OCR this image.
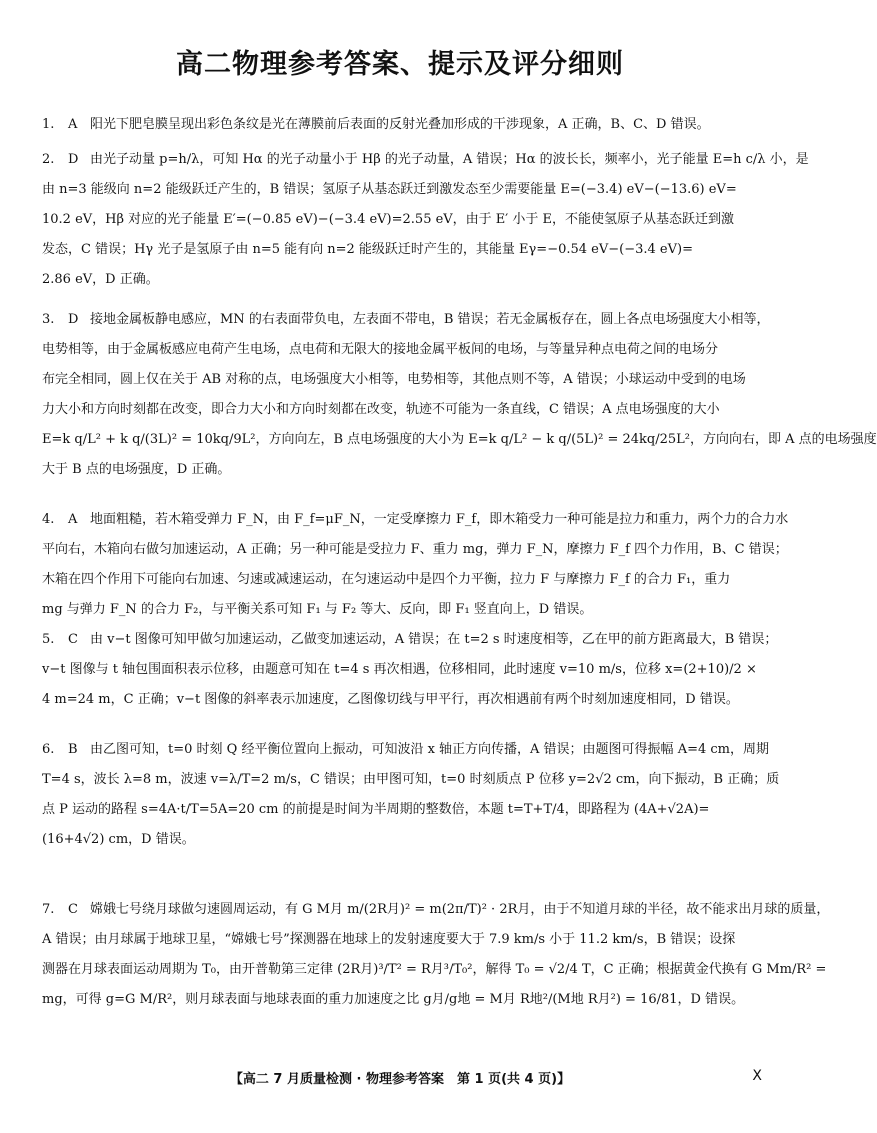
高二物理参考答案、提示及评分细则
1. A 阳光下肥皂膜呈现出彩色条纹是光在薄膜前后表面的反射光叠加形成的干涉现象，A 正确，B、C、D 错误。
2. D 由光子动量 p=h/λ，可知 Hα 的光子动量小于 Hβ 的光子动量，A 错误；Hα 的波长长，频率小，光子能量 E=h c/λ 小，是
由 n=3 能级向 n=2 能级跃迁产生的，B 错误；氢原子从基态跃迁到激发态至少需要能量 E=(−3.4) eV−(−13.6) eV=
10.2 eV，Hβ 对应的光子能量 E′=(−0.85 eV)−(−3.4 eV)=2.55 eV，由于 E′ 小于 E，不能使氢原子从基态跃迁到激
发态，C 错误；Hγ 光子是氢原子由 n=5 能有向 n=2 能级跃迁时产生的，其能量 Eγ=−0.54 eV−(−3.4 eV)=
2.86 eV，D 正确。
3. D 接地金属板静电感应，MN 的右表面带负电，左表面不带电，B 错误；若无金属板存在，圆上各点电场强度大小相等，
电势相等，由于金属板感应电荷产生电场，点电荷和无限大的接地金属平板间的电场，与等量异种点电荷之间的电场分
布完全相同，圆上仅在关于 AB 对称的点，电场强度大小相等，电势相等，其他点则不等，A 错误；小球运动中受到的电场
力大小和方向时刻都在改变，即合力大小和方向时刻都在改变，轨迹不可能为一条直线，C 错误；A 点电场强度的大小
E=k q/L² + k q/(3L)² = 10kq/9L²，方向向左，B 点电场强度的大小为 E=k q/L² − k q/(5L)² = 24kq/25L²，方向向右，即 A 点的电场强度
大于 B 点的电场强度，D 正确。
4. A 地面粗糙，若木箱受弹力 F_N，由 F_f=μF_N，一定受摩擦力 F_f，即木箱受力一种可能是拉力和重力，两个力的合力水
平向右，木箱向右做匀加速运动，A 正确；另一种可能是受拉力 F、重力 mg，弹力 F_N，摩擦力 F_f 四个力作用，B、C 错误；
木箱在四个作用下可能向右加速、匀速或减速运动，在匀速运动中是四个力平衡，拉力 F 与摩擦力 F_f 的合力 F₁，重力
mg 与弹力 F_N 的合力 F₂，与平衡关系可知 F₁ 与 F₂ 等大、反向，即 F₁ 竖直向上，D 错误。
5. C 由 v−t 图像可知甲做匀加速运动，乙做变加速运动，A 错误；在 t=2 s 时速度相等，乙在甲的前方距离最大，B 错误；
v−t 图像与 t 轴包围面积表示位移，由题意可知在 t=4 s 再次相遇，位移相同，此时速度 v=10 m/s，位移 x=(2+10)/2 ×
4 m=24 m，C 正确；v−t 图像的斜率表示加速度，乙图像切线与甲平行，再次相遇前有两个时刻加速度相同，D 错误。
6. B 由乙图可知，t=0 时刻 Q 经平衡位置向上振动，可知波沿 x 轴正方向传播，A 错误；由题图可得振幅 A=4 cm，周期
T=4 s，波长 λ=8 m，波速 v=λ/T=2 m/s，C 错误；由甲图可知，t=0 时刻质点 P 位移 y=2√2 cm，向下振动，B 正确；质
点 P 运动的路程 s=4A·t/T=5A=20 cm 的前提是时间为半周期的整数倍，本题 t=T+T/4，即路程为 (4A+√2A)=
(16+4√2) cm，D 错误。
7. C 嫦娥七号绕月球做匀速圆周运动，有 G M月 m/(2R月)² = m(2π/T)² · 2R月，由于不知道月球的半径，故不能求出月球的质量，
A 错误；由月球属于地球卫星，“嫦娥七号”探测器在地球上的发射速度要大于 7.9 km/s 小于 11.2 km/s，B 错误；设探
测器在月球表面运动周期为 T₀，由开普勒第三定律 (2R月)³/T² = R月³/T₀²，解得 T₀ = √2/4 T，C 正确；根据黄金代换有 G Mm/R² =
mg，可得 g=G M/R²，则月球表面与地球表面的重力加速度之比 g月/g地 = M月 R地²/(M地 R月²) = 16/81，D 错误。
【高二 7 月质量检测 · 物理参考答案　第 1 页(共 4 页)】	X
